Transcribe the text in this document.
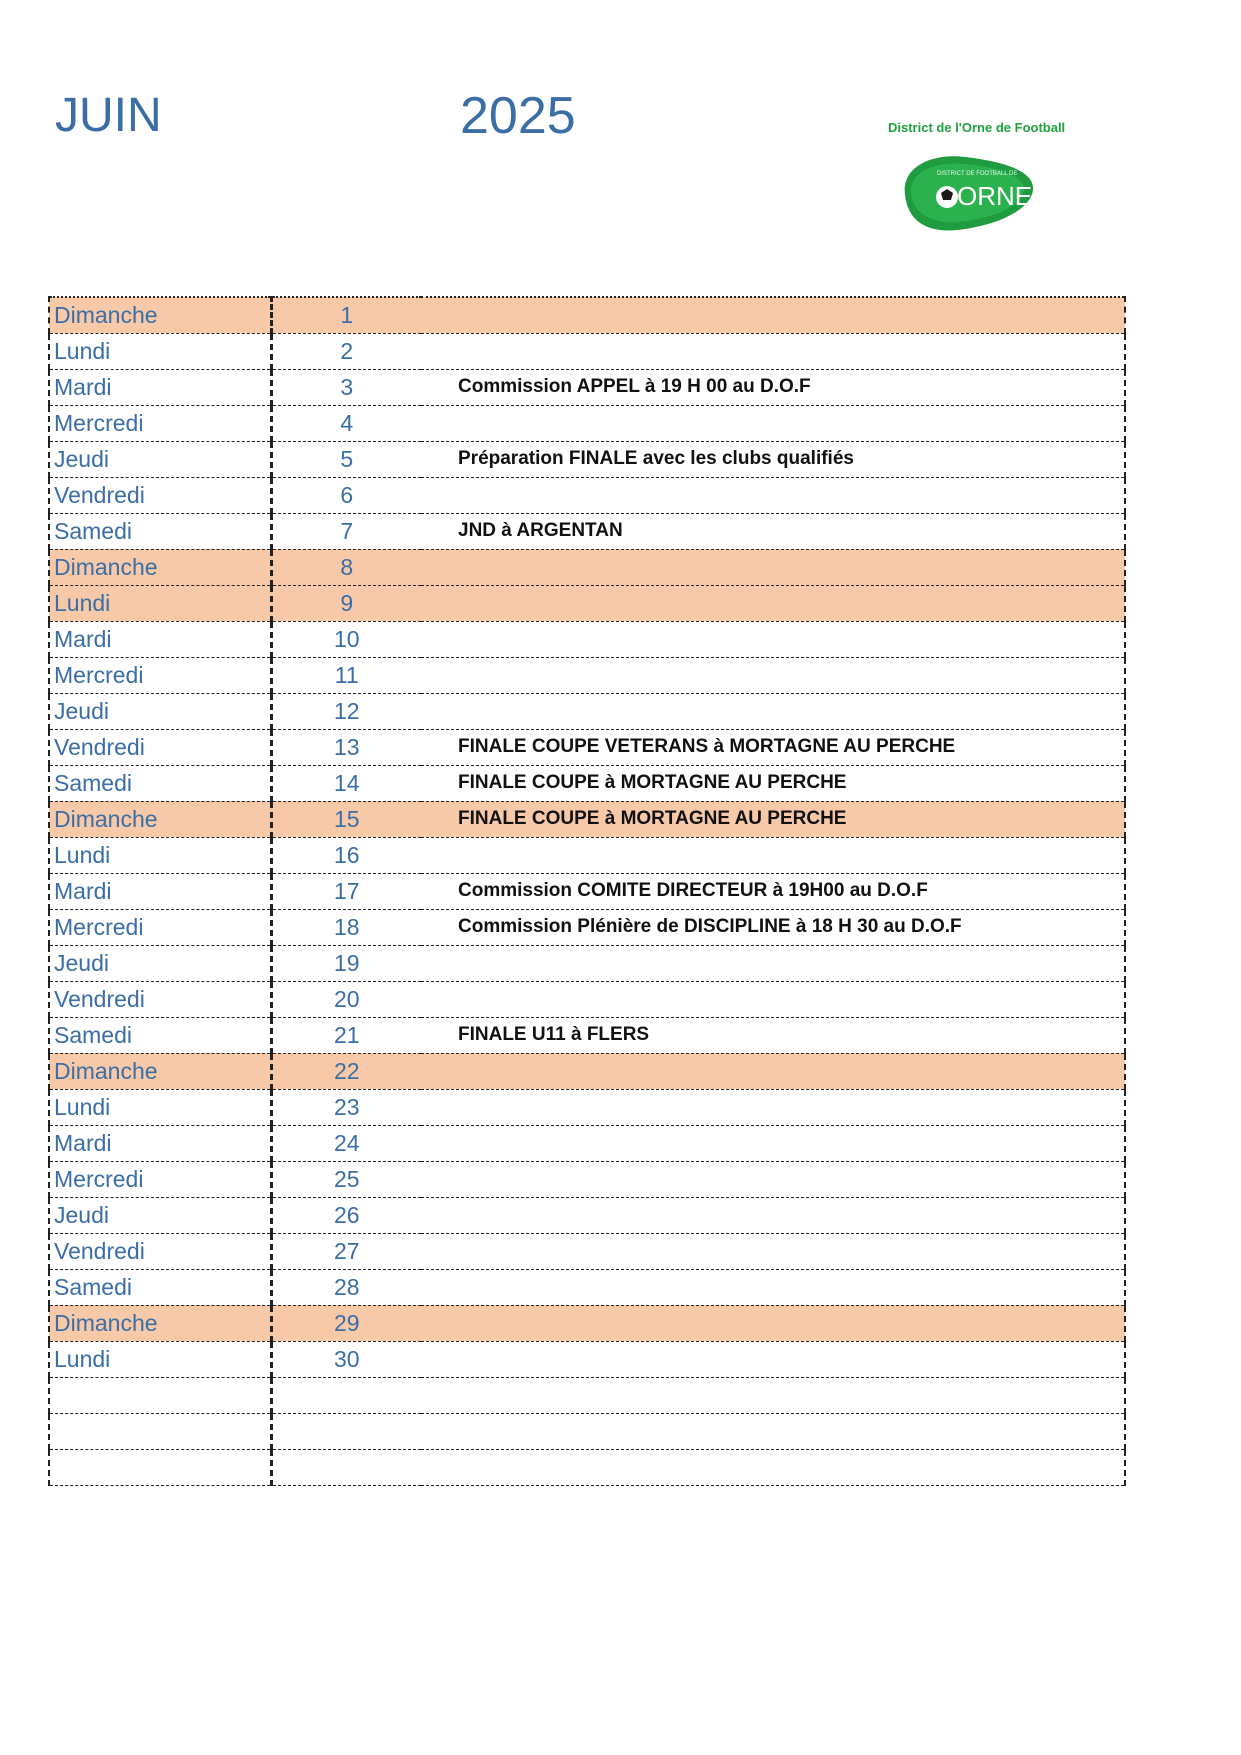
JUIN	2025	District de l'Orne de Football
DISTRICT DE FOOTBALL DE
ORNE
Dimanche	1	
Lundi	2	
Mardi	3	Commission APPEL à 19 H 00 au D.O.F
Mercredi	4	
Jeudi	5	Préparation FINALE avec les clubs qualifiés
Vendredi	6	
Samedi	7	JND à ARGENTAN
Dimanche	8	
Lundi	9	
Mardi	10	
Mercredi	11	
Jeudi	12	
Vendredi	13	FINALE COUPE VETERANS à MORTAGNE AU PERCHE
Samedi	14	FINALE COUPE à MORTAGNE AU PERCHE
Dimanche	15	FINALE COUPE à MORTAGNE AU PERCHE
Lundi	16	
Mardi	17	Commission COMITE DIRECTEUR à 19H00 au D.O.F
Mercredi	18	Commission Plénière de DISCIPLINE à 18 H 30 au D.O.F
Jeudi	19	
Vendredi	20	
Samedi	21	FINALE U11 à FLERS
Dimanche	22	
Lundi	23	
Mardi	24	
Mercredi	25	
Jeudi	26	
Vendredi	27	
Samedi	28	
Dimanche	29	
Lundi	30	
